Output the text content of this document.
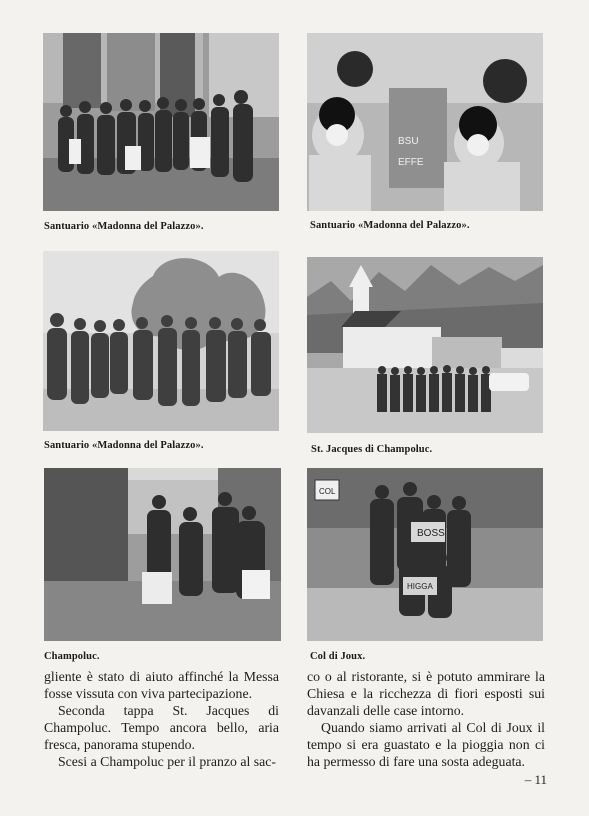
Santuario «Madonna del Palazzo».
BSU
EFFE
Santuario «Madonna del Palazzo».
Santuario «Madonna del Palazzo».	St. Jacques di Champoluc.
Champoluc.
COL
BOSS
HIGGA
Col di Joux.

gliente è stato di aiuto affinché la Messa fosse vissuta con viva partecipazione.

Seconda tappa St. Jacques di Champoluc. Tempo ancora bello, aria fresca, panorama stupendo.

Scesi a Champoluc per il pranzo al sac-

co o al ristorante, si è potuto ammirare la Chiesa e la ricchezza di fiori esposti sui davanzali delle case intorno.

Quando siamo arrivati al Col di Joux il tempo si era guastato e la pioggia non ci ha permesso di fare una sosta adeguata.

– 11
